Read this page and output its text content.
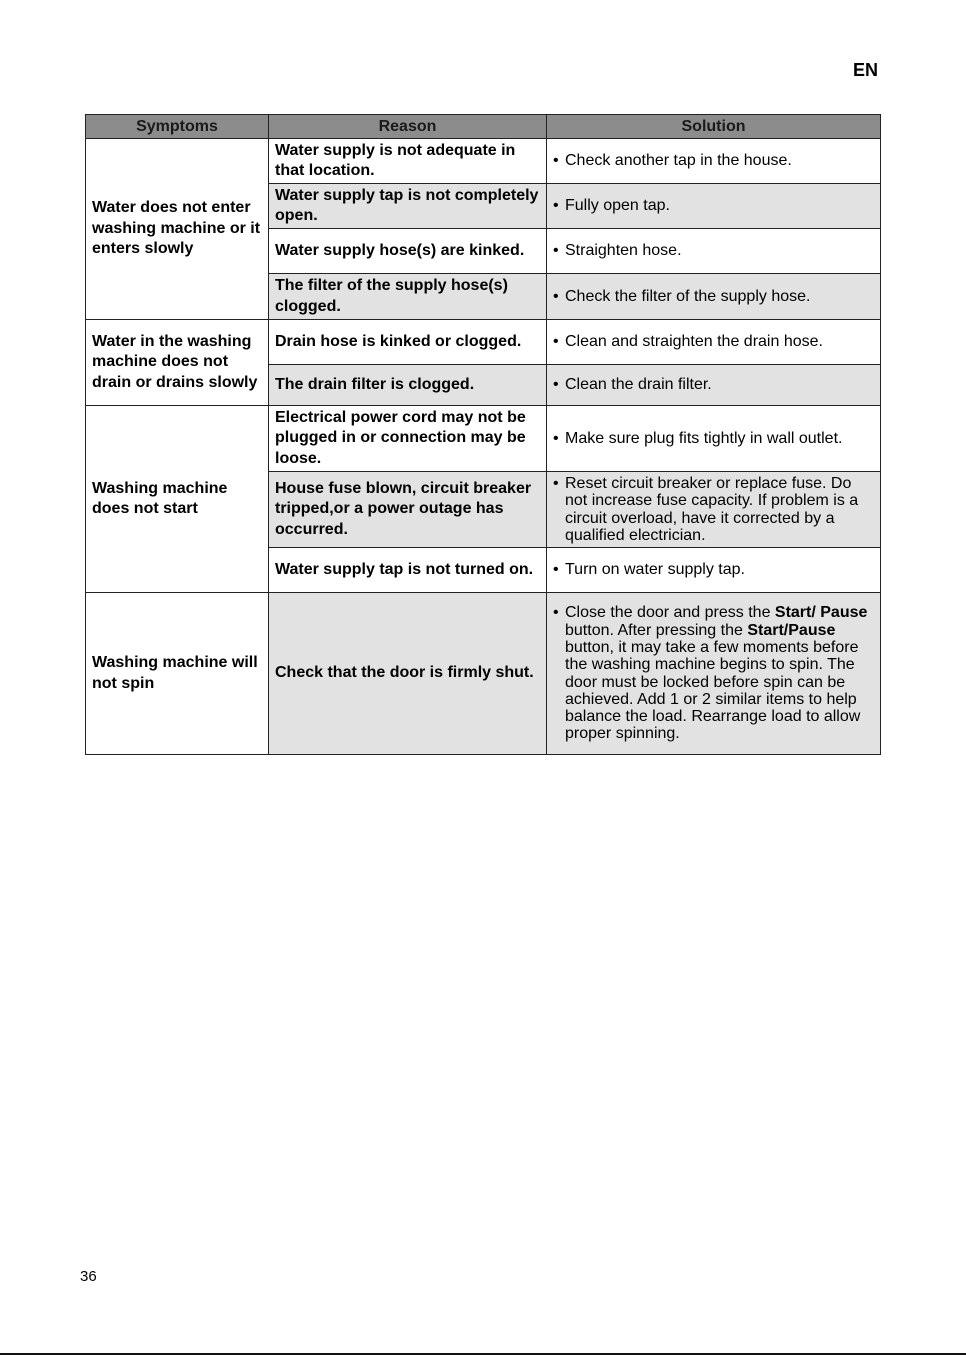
EN
Symptoms	Reason	Solution
Water does not enter washing machine or it enters slowly	Water supply is not adequate in that location.	• Check another tap in the house.

	Water supply tap is not completely open.	• Fully open tap.

	Water supply hose(s) are kinked.	• Straighten hose.

	The filter of the supply hose(s) clogged.	• Check the filter of the supply hose.

Water in the washing machine does not drain or drains slowly	Drain hose is kinked or clogged.	• Clean and straighten the drain hose.

	The drain filter is clogged.	• Clean the drain filter.

Washing machine does not start	Electrical power cord may not be plugged in or connection may be loose.	• Make sure plug fits tightly in wall outlet.

	House fuse blown, circuit breaker tripped,or a power outage has occurred.	• Reset circuit breaker or replace fuse. Do not increase fuse capacity. If problem is a circuit overload, have it corrected by a qualified electrician.

	Water supply tap is not turned on.	• Turn on water supply tap.

Washing machine will not spin	Check that the door is firmly shut.	• Close the door and press the Start/ Pause button. After pressing the Start/Pause button, it may take a few moments before the washing machine begins to spin. The door must be locked before spin can be achieved. Add 1 or 2 similar items to help balance the load. Rearrange load to allow proper spinning.
36
